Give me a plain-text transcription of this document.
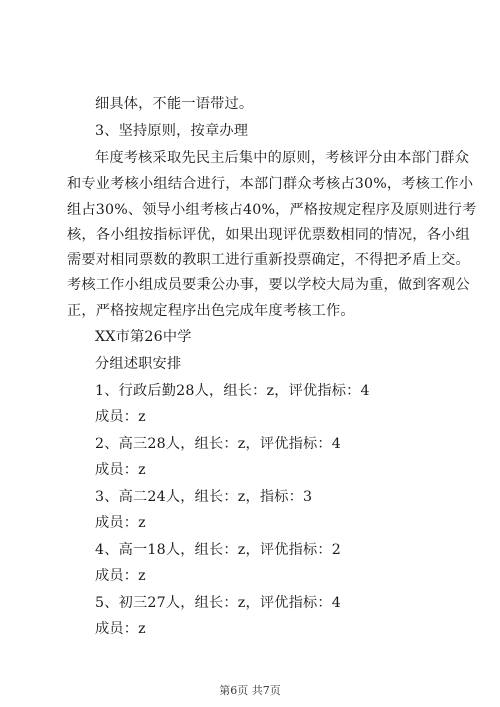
细具体，不能一语带过。
3、坚持原则，按章办理
年度考核采取先民主后集中的原则，考核评分由本部门群众
和专业考核小组结合进行，本部门群众考核占30%，考核工作小
组占30%、领导小组考核占40%，严格按规定程序及原则进行考
核，各小组按指标评优，如果出现评优票数相同的情况，各小组
需要对相同票数的教职工进行重新投票确定，不得把矛盾上交。
考核工作小组成员要秉公办事，要以学校大局为重，做到客观公
正，严格按规定程序出色完成年度考核工作。
XX市第26中学
分组述职安排
1、行政后勤28人，组长：z，评优指标：4
成员：z
2、高三28人，组长：z，评优指标：4
成员：z
3、高二24人，组长：z，指标：3
成员：z
4、高一18人，组长：z，评优指标：2
成员：z
5、初三27人，组长：z，评优指标：4
成员：z
第6页 共7页
